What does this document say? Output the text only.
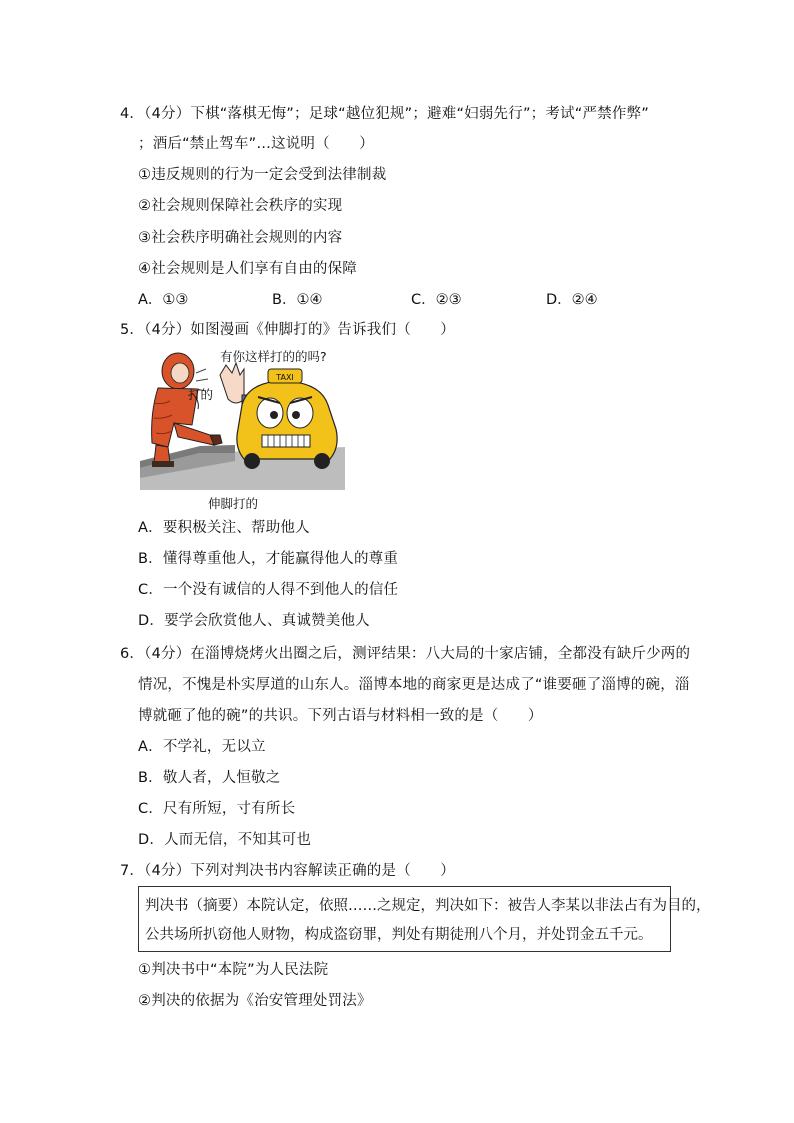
4．（4分）下棋“落棋无悔”；足球“越位犯规”；避难“妇弱先行”；考试“严禁作弊”
；酒后“禁止驾车”…这说明（　　）
①违反规则的行为一定会受到法律制裁
②社会规则保障社会秩序的实现
③社会秩序明确社会规则的内容
④社会规则是人们享有自由的保障
A．①③	B．①④	C．②③	D．②④
5．（4分）如图漫画《伸脚打的》告诉我们（　　）
TAXI
有你这样打的的吗?
打的
伸脚打的
A．要积极关注、帮助他人
B．懂得尊重他人，才能赢得他人的尊重
C．一个没有诚信的人得不到他人的信任
D．要学会欣赏他人、真诚赞美他人
6．（4分）在淄博烧烤火出圈之后，测评结果：八大局的十家店铺，全都没有缺斤少两的
情况，不愧是朴实厚道的山东人。淄博本地的商家更是达成了“谁要砸了淄博的碗，淄
博就砸了他的碗”的共识。下列古语与材料相一致的是（　　）
A．不学礼，无以立
B．敬人者，人恒敬之
C．尺有所短，寸有所长
D．人而无信，不知其可也
7．（4分）下列对判决书内容解读正确的是（　　）
判决书（摘要）本院认定，依照……之规定，判决如下：被告人李某以非法占有为目的，
公共场所扒窃他人财物，构成盗窃罪，判处有期徒刑八个月，并处罚金五千元。
①判决书中“本院”为人民法院
②判决的依据为《治安管理处罚法》
